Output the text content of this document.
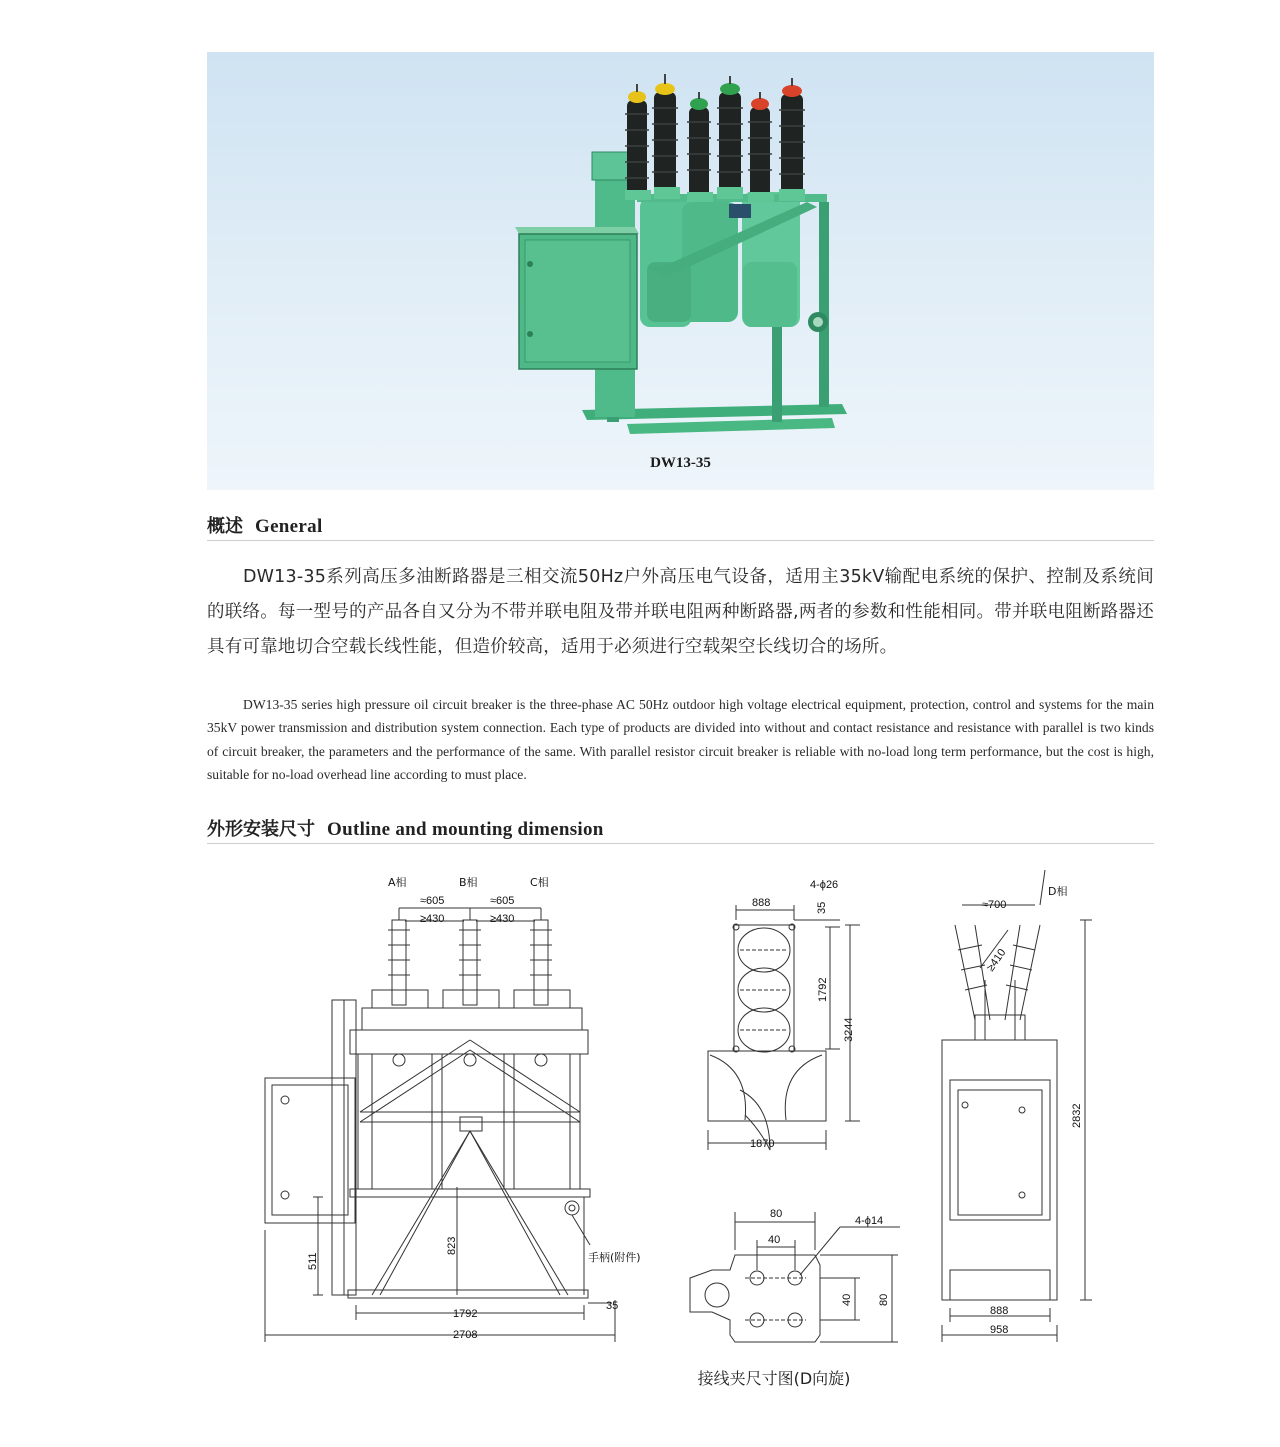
DW13-35
概述 General
DW13-35系列高压多油断路器是三相交流50Hz户外高压电气设备，适用主35kV输配电系统的保护、控制及系统间的联络。每一型号的产品各自又分为不带并联电阻及带并联电阻两种断路器,两者的参数和性能相同。带并联电阻断路器还具有可靠地切合空载长线性能，但造价较高，适用于必须进行空载架空长线切合的场所。
DW13-35 series high pressure oil circuit breaker is the three-phase AC 50Hz outdoor high voltage electrical equipment, protection, control and systems for the main 35kV power transmission and distribution system connection. Each type of products are divided into without and contact resistance and resistance with parallel is two kinds of circuit breaker, the parameters and the performance of the same. With parallel resistor circuit breaker is reliable with no-load long term performance, but the cost is high, suitable for no-load overhead line according to must place.
外形安装尺寸 Outline and mounting dimension
A相	B相	C相
≈605	≈605
≥430	≥430
511
823
1792
2708
35
手柄(附件)
4-ϕ26
888	35
1792
3244
1870
D相
≈700
≥410
2832
888
958
4-ϕ14
80
40
40 80
接线夹尺寸图(D向旋)
